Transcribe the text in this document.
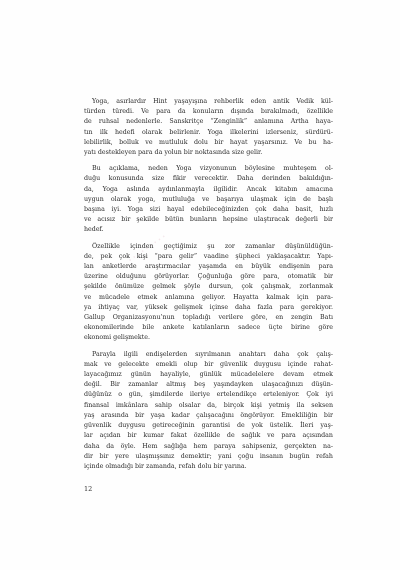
.........

Yoga, asırlardır Hint yaşayışına rehberlik eden antik Vedik kül-
türden türedi. Ve para da konuların dışında bırakılmadı, özellikle
de ruhsal nedenlerle. Sanskritçe “Zenginlik” anlamına Artha haya-
tın ilk hedefi olarak belirlenir. Yoga ilkelerini izlerseniz, sürdürü-
lebilirlik, bolluk ve mutluluk dolu bir hayat yaşarsınız. Ve bu ha-
yatı destekleyen para da yolun bir noktasında size gelir.

Bu açıklama, neden Yoga vizyonunun böylesine muhteşem ol-
duğu konusunda size fikir verecektir. Daha derinden bakıldığın-
da, Yoga aslında aydınlanmayla ilgilidir. Ancak kitabın amacına
uygun olarak yoga, mutluluğa ve başarıya ulaşmak için de başlı
başına iyi. Yoga sizi hayal edebileceğinizden çok daha basit, hızlı
ve acısız bir şekilde bütün bunların hepsine ulaştıracak değerli bir
hedef.

Özellikle içinden geçtiğimiz şu zor zamanlar düşünüldüğün-
de, pek çok kişi “para gelir” vaadine şüpheci yaklaşacaktır. Yapı-
lan anketlerde araştırmacılar yaşamda en büyük endişenin para
üzerine olduğunu görüyorlar. Çoğunluğa göre para, otomatik bir
şekilde önümüze gelmek şöyle dursun, çok çalışmak, zorlanmak
ve mücadele etmek anlamına geliyor. Hayatta kalmak için para-
ya ihtiyaç var, yüksek gelişmek içinse daha fazla para gerekiyor.
Gallup Organizasyonu’nun topladığı verilere göre, en zengin Batı
ekonomilerinde bile ankete katılanların sadece üçte birine göre
ekonomi gelişmekte.

Parayla ilgili endişelerden sıyrılmanın anahtarı daha çok çalış-
mak ve gelecekte emekli olup bir güvenlik duygusu içinde rahat-
layacağımız günün hayaliyle, günlük mücadelelere devam etmek
değil. Bir zamanlar altmış beş yaşındayken ulaşacağınızı düşün-
düğünüz o gün, şimdilerde ileriye ertelendikçe erteleniyor. Çok iyi
finansal imkânlara sahip olsalar da, birçok kişi yetmiş ila seksen
yaş arasında bir yaşa kadar çalışacağını öngörüyor. Emekliliğin bir
güvenlik duygusu getireceğinin garantisi de yok üstelik. İleri yaş-
lar açıdan bir kumar fakat özellikle de sağlık ve para açısından
daha da öyle. Hem sağlığa hem paraya sahipseniz, gerçekten na-
dir bir yere ulaşmışsınız demektir; yani çoğu insanın bugün refah
içinde olmadığı bir zamanda, refah dolu bir yarına.

12
